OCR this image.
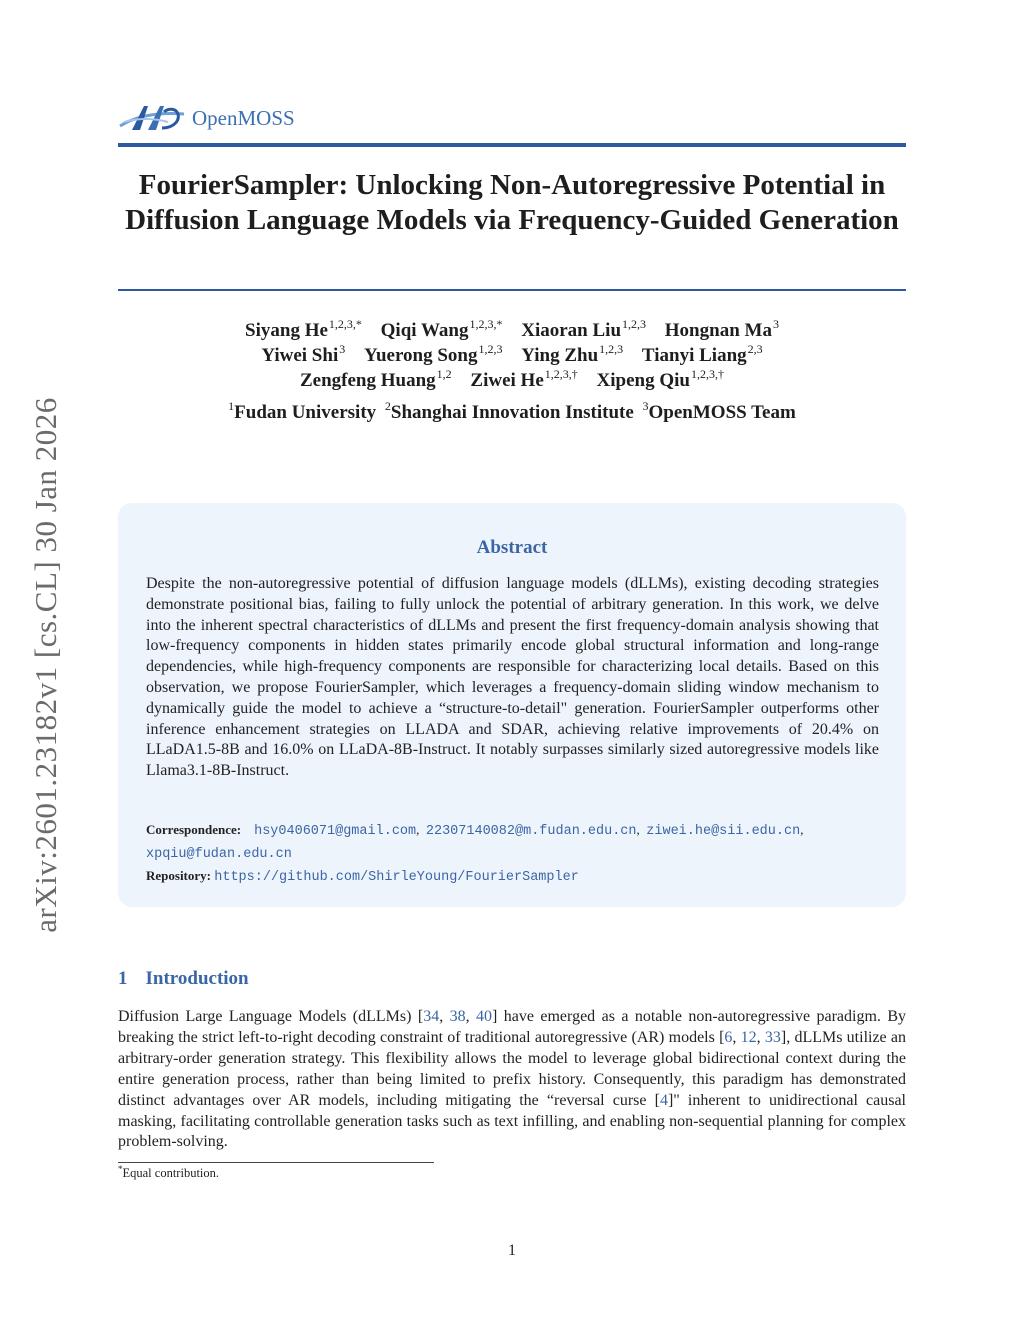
arXiv:2601.23182v1 [cs.CL] 30 Jan 2026
OpenMOSS
FourierSampler: Unlocking Non-Autoregressive Potential in Diffusion Language Models via Frequency-Guided Generation
Siyang $He^{1,2,3,*}$ Qiqi Wang$^{1,2,3,*}$ Xiaoran Liu$^{1,2,3}$ Hongnan Ma$^3$
Yiwei Shi$^3$ Yuerong Song$^{1,2,3}$ Ying Zhu$^{1,2,3}$ Tianyi Liang$^{2,3}$
Zengfeng Huang$^{1,2}$ Ziwei $He^{1,2,3,\dagger}$ Xipeng Qiu$^{1,2,3,\dagger}$
$^1$Fudan University $^2$Shanghai Innovation Institute $^3$OpenMOSS Team
Abstract
Despite the non-autoregressive potential of diffusion language models (dLLMs), existing decoding strategies demonstrate positional bias, failing to fully unlock the potential of arbitrary generation. In this work, we delve into the inherent spectral characteristics of dLLMs and present the first frequency-domain analysis showing that low-frequency components in hidden states primarily encode global structural information and long-range dependencies, while high-frequency components are responsible for characterizing local details. Based on this observation, we propose FourierSampler, which leverages a frequency-domain sliding window mechanism to dynamically guide the model to achieve a “structure-to-detail" generation. FourierSampler outperforms other inference enhancement strategies on LLADA and SDAR, achieving relative improvements of 20.4% on LLaDA1.5-8B and 16.0% on LLaDA-8B-Instruct. It notably surpasses similarly sized autoregressive models like Llama3.1-8B-Instruct.
Correspondence: hsy0406071@gmail.com,  22307140082@m.fudan.edu.cn,  ziwei.he@sii.edu.cn, xpqiu@fudan.edu.cn
Repository: https://github.com/ShirleYoung/FourierSampler
1 Introduction
Diffusion Large Language Models (dLLMs) [34, 38, 40] have emerged as a notable non-autoregressive paradigm. By breaking the strict left-to-right decoding constraint of traditional autoregressive (AR) models [6, 12, 33], dLLMs utilize an arbitrary-order generation strategy. This flexibility allows the model to leverage global bidirectional context during the entire generation process, rather than being limited to prefix history. Consequently, this paradigm has demonstrated distinct advantages over AR models, including mitigating the “reversal curse [4]" inherent to unidirectional causal masking, facilitating controllable generation tasks such as text infilling, and enabling non-sequential planning for complex problem-solving.
*Equal contribution.
1
